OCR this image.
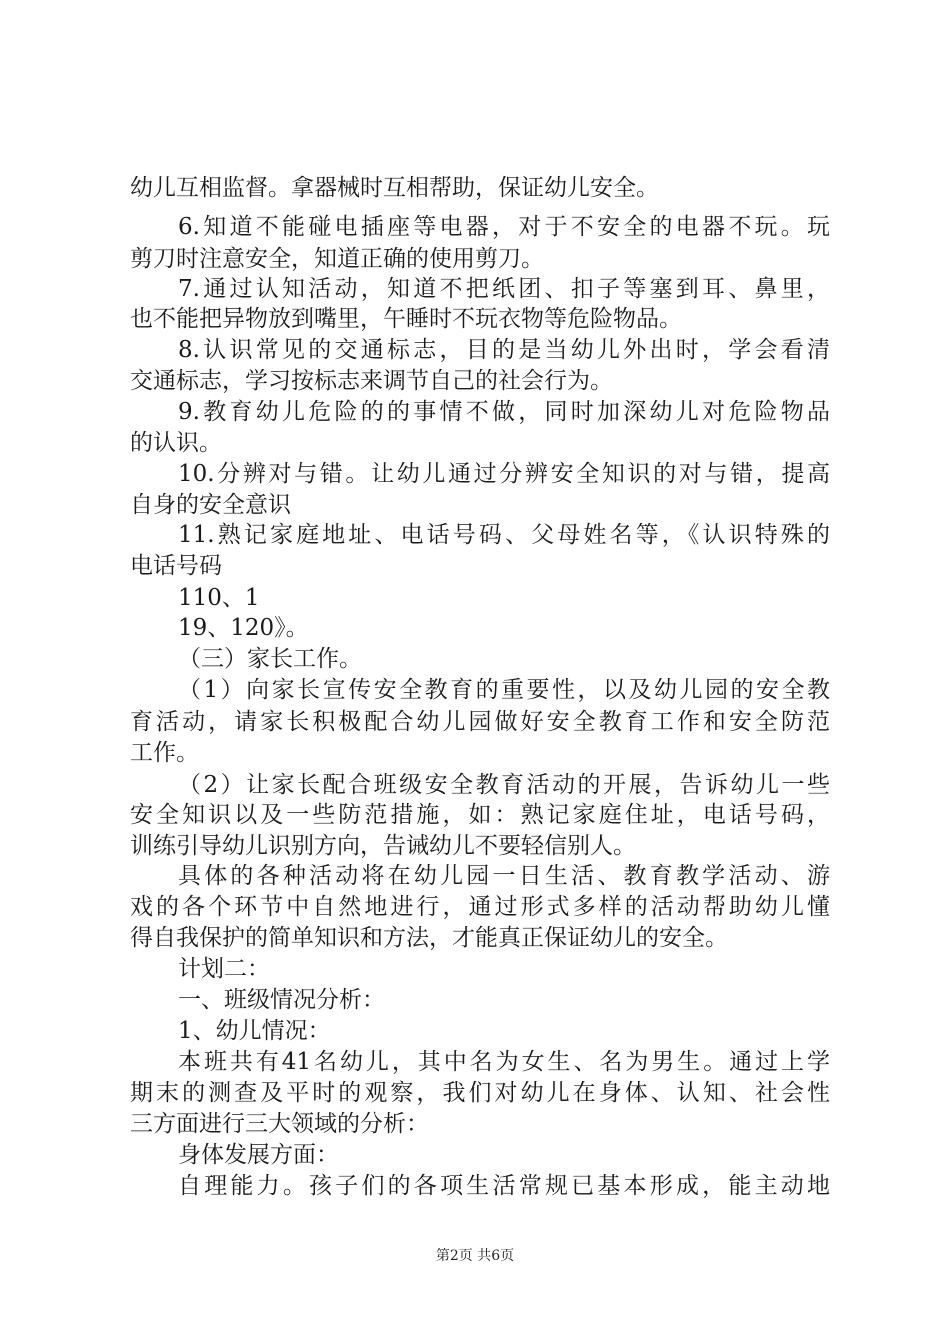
幼儿互相监督。拿器械时互相帮助，保证幼儿安全。
6.知道不能碰电插座等电器，对于不安全的电器不玩。玩
剪刀时注意安全，知道正确的使用剪刀。
7.通过认知活动，知道不把纸团、扣子等塞到耳、鼻里，
也不能把异物放到嘴里，午睡时不玩衣物等危险物品。
8.认识常见的交通标志，目的是当幼儿外出时，学会看清
交通标志，学习按标志来调节自己的社会行为。
9.教育幼儿危险的的事情不做，同时加深幼儿对危险物品
的认识。
10.分辨对与错。让幼儿通过分辨安全知识的对与错，提高
自身的安全意识
11.熟记家庭地址、电话号码、父母姓名等，《认识特殊的
电话号码
110、1
19、120》。
（三）家长工作。
（1）向家长宣传安全教育的重要性，以及幼儿园的安全教
育活动，请家长积极配合幼儿园做好安全教育工作和安全防范
工作。
（2）让家长配合班级安全教育活动的开展，告诉幼儿一些
安全知识以及一些防范措施，如：熟记家庭住址，电话号码，
训练引导幼儿识别方向，告诫幼儿不要轻信别人。
具体的各种活动将在幼儿园一日生活、教育教学活动、游
戏的各个环节中自然地进行，通过形式多样的活动帮助幼儿懂
得自我保护的简单知识和方法，才能真正保证幼儿的安全。
计划二：
一、班级情况分析：
1、幼儿情况：
本班共有41名幼儿，其中名为女生、名为男生。通过上学
期末的测查及平时的观察，我们对幼儿在身体、认知、社会性
三方面进行三大领域的分析：
身体发展方面：
自理能力。孩子们的各项生活常规已基本形成，能主动地
第2页 共6页
